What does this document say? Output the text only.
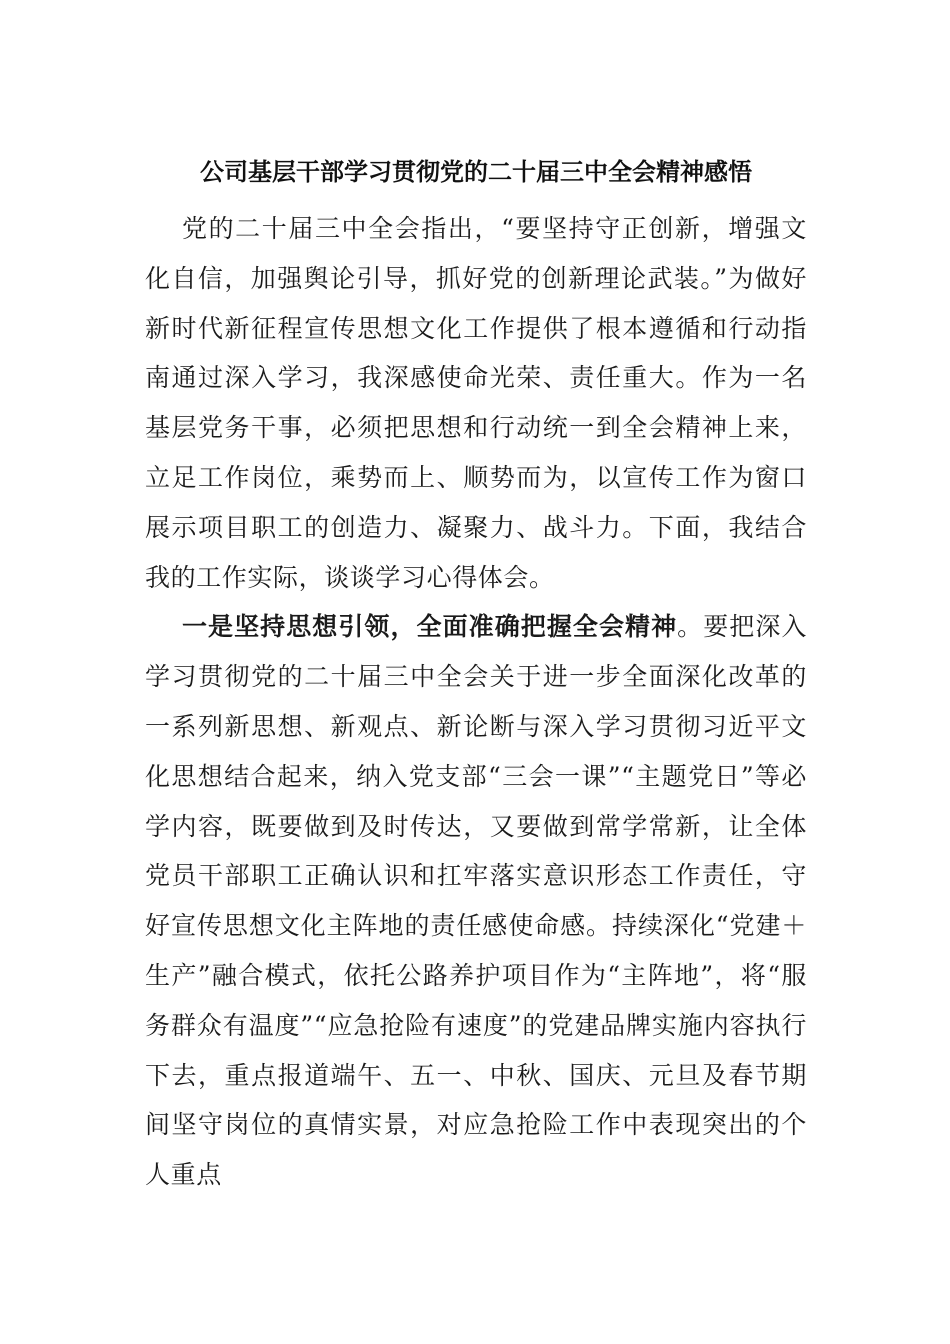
公司基层干部学习贯彻党的二十届三中全会精神感悟

党的二十届三中全会指出，“要坚持守正创新，增强文化自信，加强舆论引导，抓好党的创新理论武装。”为做好新时代新征程宣传思想文化工作提供了根本遵循和行动指南通过深入学习，我深感使命光荣、责任重大。作为一名基层党务干事，必须把思想和行动统一到全会精神上来，立足工作岗位，乘势而上、顺势而为，以宣传工作为窗口展示项目职工的创造力、凝聚力、战斗力。下面，我结合我的工作实际，谈谈学习心得体会。

一是坚持思想引领，全面准确把握全会精神。要把深入学习贯彻党的二十届三中全会关于进一步全面深化改革的一系列新思想、新观点、新论断与深入学习贯彻习近平文化思想结合起来，纳入党支部“三会一课”“主题党日”等必学内容，既要做到及时传达，又要做到常学常新，让全体党员干部职工正确认识和扛牢落实意识形态工作责任，守好宣传思想文化主阵地的责任感使命感。持续深化“党建＋生产”融合模式，依托公路养护项目作为“主阵地”，将“服务群众有温度”“应急抢险有速度”的党建品牌实施内容执行下去，重点报道端午、五一、中秋、国庆、元旦及春节期间坚守岗位的真情实景，对应急抢险工作中表现突出的个人重点
